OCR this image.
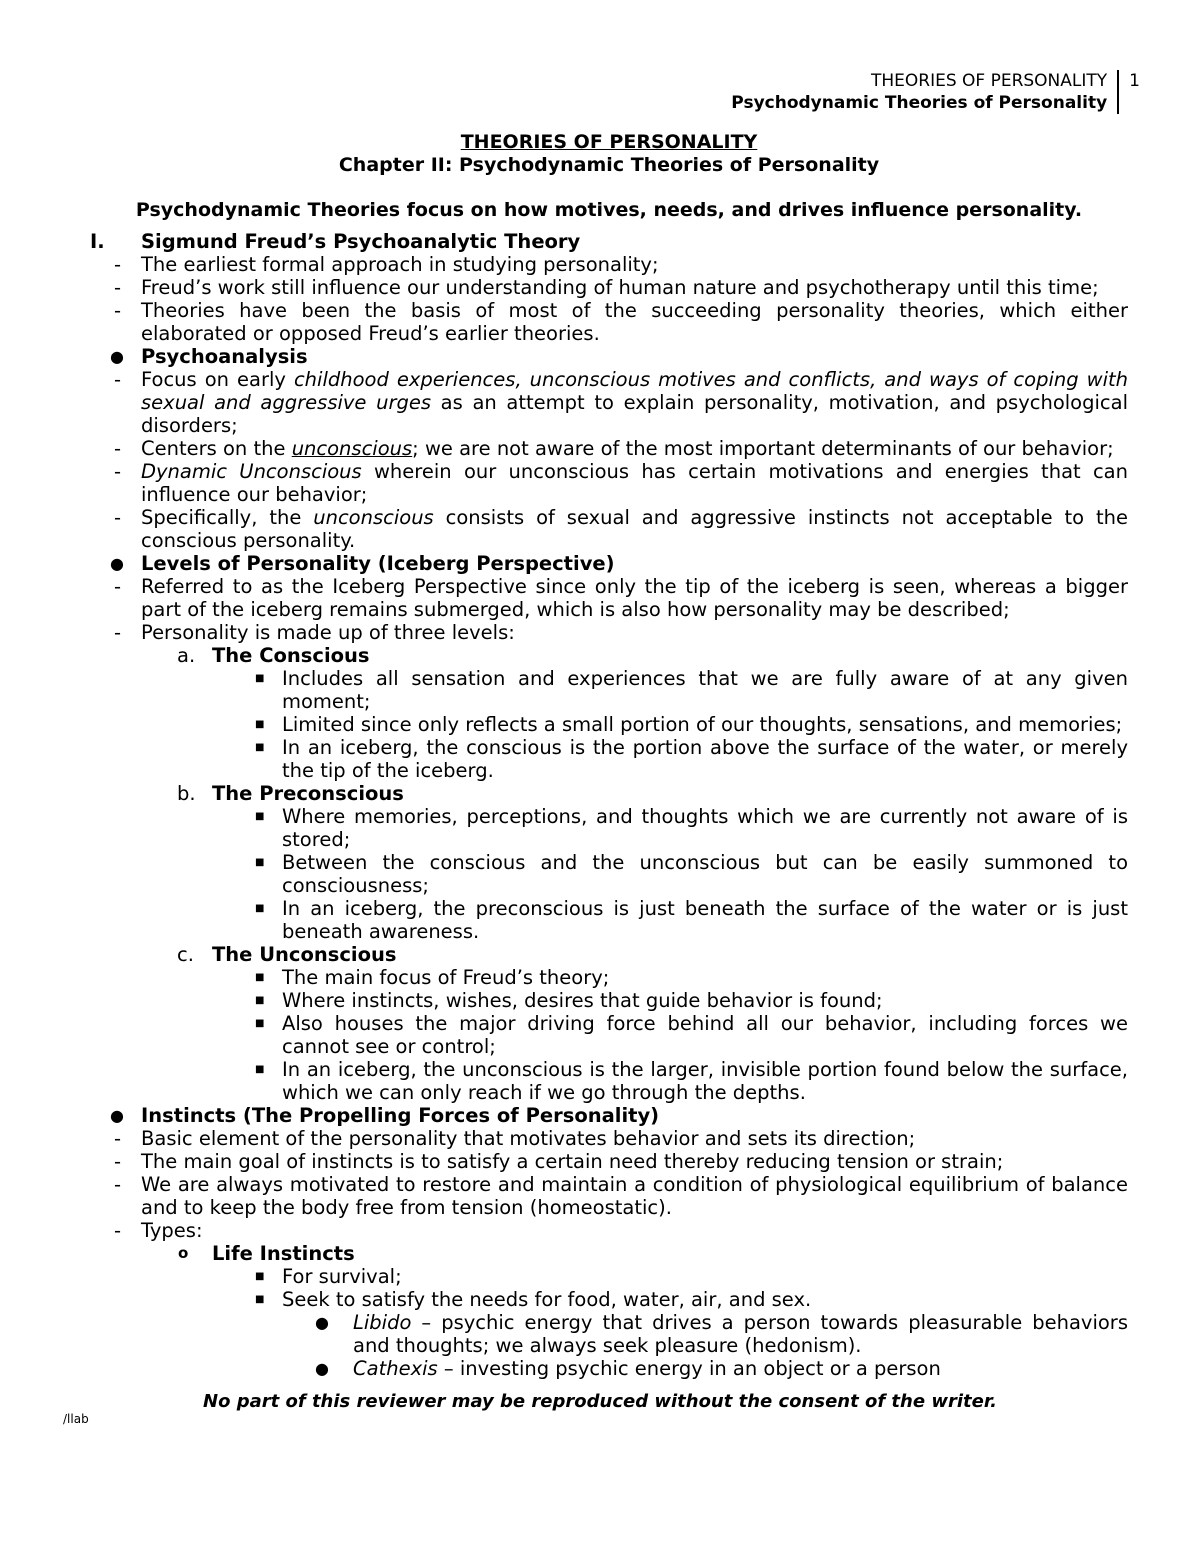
THEORIES OF PERSONALITY
Psychodynamic Theories of Personality
1
THEORIES OF PERSONALITY
Chapter II: Psychodynamic Theories of Personality
Psychodynamic Theories focus on how motives, needs, and drives influence personality.
I. Sigmund Freud’s Psychoanalytic Theory
- The earliest formal approach in studying personality;
- Freud’s work still influence our understanding of human nature and psychotherapy until this time;
- Theories have been the basis of most of the succeeding personality theories, which either elaborated or opposed Freud’s earlier theories.
● Psychoanalysis
- Focus on early childhood experiences, unconscious motives and conflicts, and ways of coping with sexual and aggressive urges as an attempt to explain personality, motivation, and psychological disorders;
- Centers on the unconscious; we are not aware of the most important determinants of our behavior;
- Dynamic Unconscious wherein our unconscious has certain motivations and energies that can influence our behavior;
- Specifically, the unconscious consists of sexual and aggressive instincts not acceptable to the conscious personality.
● Levels of Personality (Iceberg Perspective)
- Referred to as the Iceberg Perspective since only the tip of the iceberg is seen, whereas a bigger part of the iceberg remains submerged, which is also how personality may be described;
- Personality is made up of three levels:
a. The Conscious
■ Includes all sensation and experiences that we are fully aware of at any given moment;
■ Limited since only reflects a small portion of our thoughts, sensations, and memories;
■ In an iceberg, the conscious is the portion above the surface of the water, or merely the tip of the iceberg.
b. The Preconscious
■ Where memories, perceptions, and thoughts which we are currently not aware of is stored;
■ Between the conscious and the unconscious but can be easily summoned to consciousness;
■ In an iceberg, the preconscious is just beneath the surface of the water or is just beneath awareness.
c. The Unconscious
■ The main focus of Freud’s theory;
■ Where instincts, wishes, desires that guide behavior is found;
■ Also houses the major driving force behind all our behavior, including forces we cannot see or control;
■ In an iceberg, the unconscious is the larger, invisible portion found below the surface, which we can only reach if we go through the depths.
● Instincts (The Propelling Forces of Personality)
- Basic element of the personality that motivates behavior and sets its direction;
- The main goal of instincts is to satisfy a certain need thereby reducing tension or strain;
- We are always motivated to restore and maintain a condition of physiological equilibrium of balance and to keep the body free from tension (homeostatic).
- Types:
o Life Instincts
■ For survival;
■ Seek to satisfy the needs for food, water, air, and sex.
● Libido – psychic energy that drives a person towards pleasurable behaviors and thoughts; we always seek pleasure (hedonism).
● Cathexis – investing psychic energy in an object or a person
No part of this reviewer may be reproduced without the consent of the writer.
/llab
